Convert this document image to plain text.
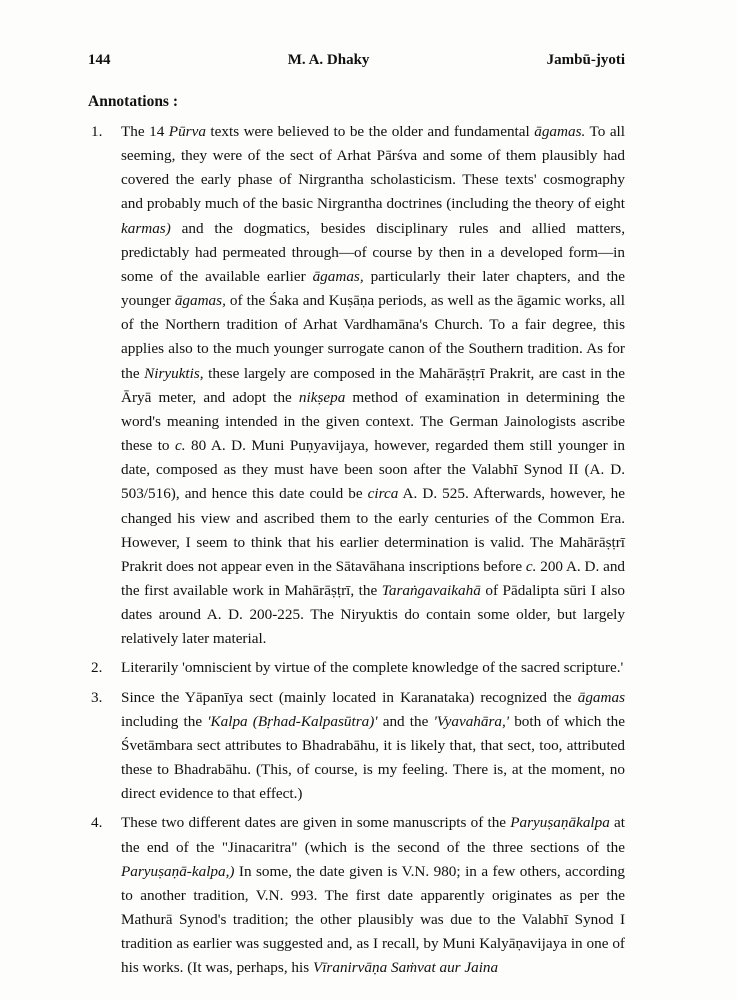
144	M. A. Dhaky	Jambū-jyoti
Annotations :
1. The 14 Pūrva texts were believed to be the older and fundamental āgamas. To all seeming, they were of the sect of Arhat Pārśva and some of them plausibly had covered the early phase of Nirgrantha scholasticism. These texts' cosmography and probably much of the basic Nirgrantha doctrines (including the theory of eight karmas) and the dogmatics, besides disciplinary rules and allied matters, predictably had permeated through—of course by then in a developed form—in some of the available earlier āgamas, particularly their later chapters, and the younger āgamas, of the Śaka and Kuṣāṇa periods, as well as the āgamic works, all of the Northern tradition of Arhat Vardhamāna's Church. To a fair degree, this applies also to the much younger surrogate canon of the Southern tradition. As for the Niryuktis, these largely are composed in the Mahārāṣṭrī Prakrit, are cast in the Āryā meter, and adopt the nikṣepa method of examination in determining the word's meaning intended in the given context. The German Jainologists ascribe these to c. 80 A. D. Muni Puṇyavijaya, however, regarded them still younger in date, composed as they must have been soon after the Valabhī Synod II (A. D. 503/516), and hence this date could be circa A. D. 525. Afterwards, however, he changed his view and ascribed them to the early centuries of the Common Era. However, I seem to think that his earlier determination is valid. The Mahārāṣṭrī Prakrit does not appear even in the Sātavāhana inscriptions before c. 200 A. D. and the first available work in Mahārāṣṭrī, the Taraṅgavaikahā of Pādalipta sūri I also dates around A. D. 200-225. The Niryuktis do contain some older, but largely relatively later material.
2. Literarily 'omniscient by virtue of the complete knowledge of the sacred scripture.'
3. Since the Yāpanīya sect (mainly located in Karanataka) recognized the āgamas including the 'Kalpa (Bṛhad-Kalpasūtra)' and the 'Vyavahāra,' both of which the Śvetāmbara sect attributes to Bhadrabāhu, it is likely that, that sect, too, attributed these to Bhadrabāhu. (This, of course, is my feeling. There is, at the moment, no direct evidence to that effect.)
4. These two different dates are given in some manuscripts of the Paryuṣaṇākalpa at the end of the "Jinacaritra" (which is the second of the three sections of the Paryuṣaṇā-kalpa,) In some, the date given is V.N. 980; in a few others, according to another tradition, V.N. 993. The first date apparently originates as per the Mathurā Synod's tradition; the other plausibly was due to the Valabhī Synod I tradition as earlier was suggested and, as I recall, by Muni Kalyāṇavijaya in one of his works. (It was, perhaps, his Vīranirvāṇa Saṁvat aur Jaina
